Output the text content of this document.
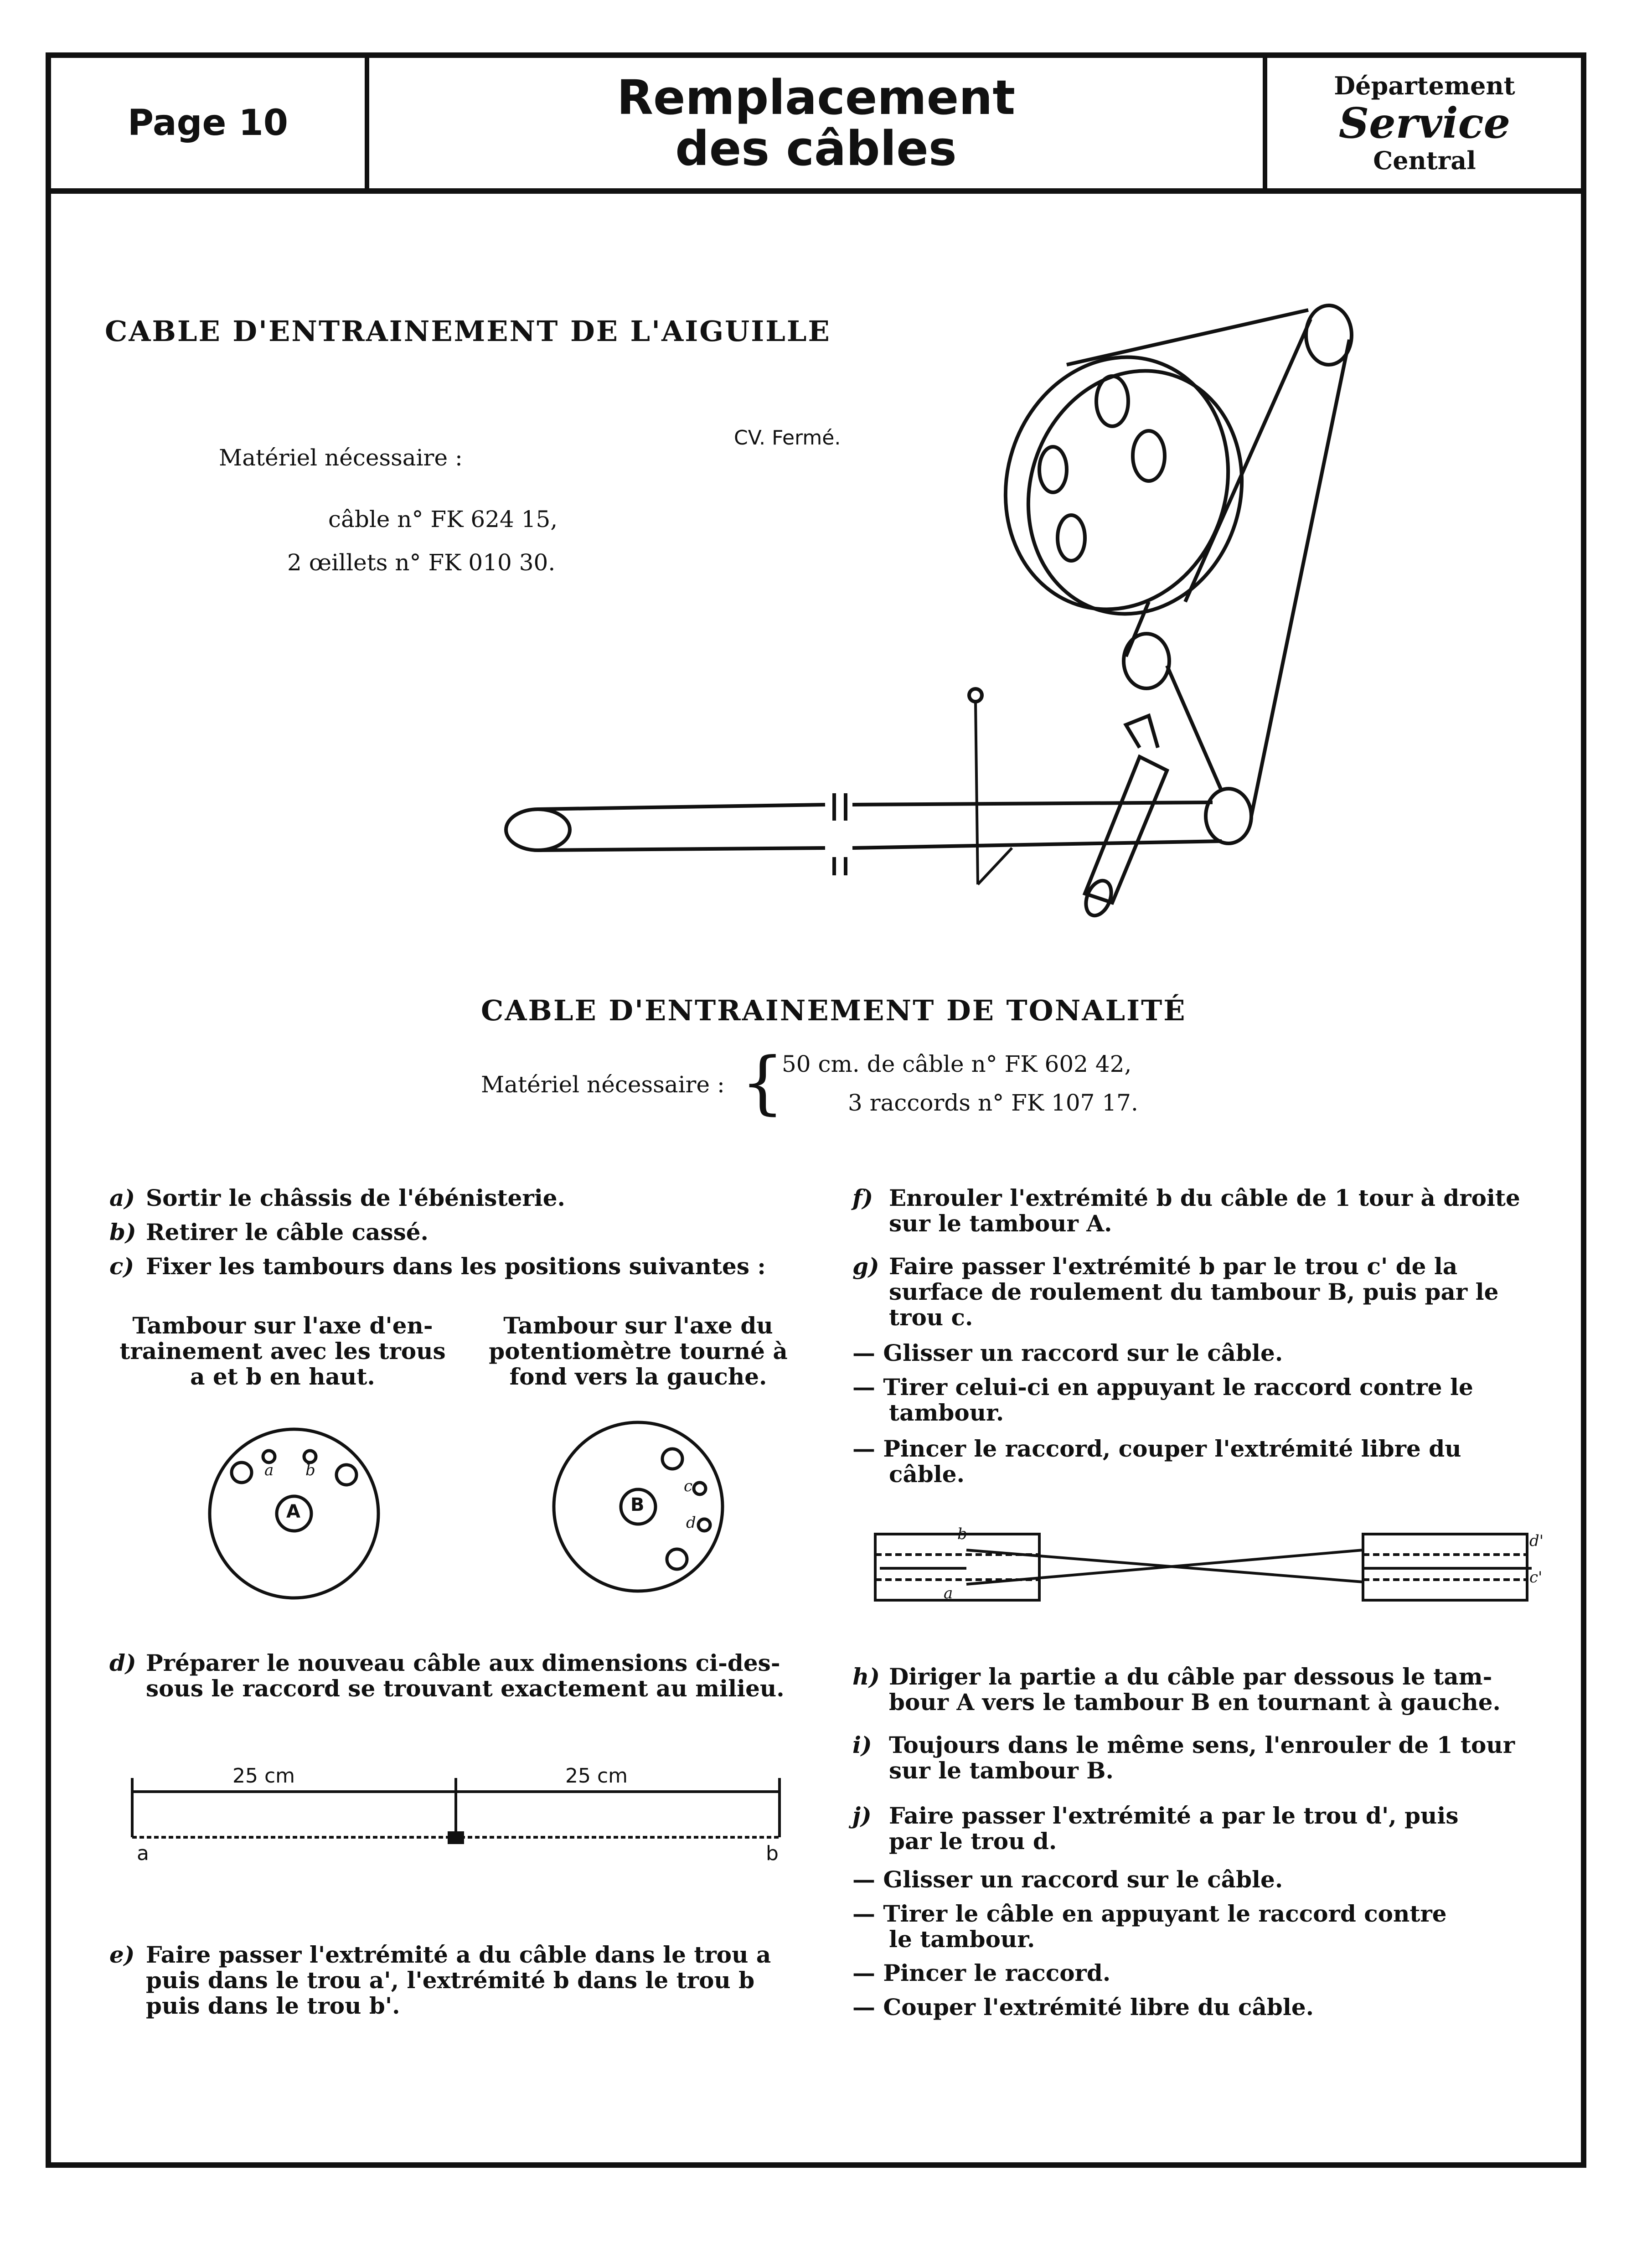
Page 10	Remplacement
des câbles
Département
Service
Central
CABLE D'ENTRAINEMENT DE L'AIGUILLE
Matériel nécessaire :
câble n° FK 624 15,
2 œillets n° FK 010 30.
CV. Fermé.
CABLE D'ENTRAINEMENT DE TONALITÉ
Matériel nécessaire : {
50 cm. de câble n° FK 602 42,
3 raccords n° FK 107 17.
a) Sortir le châssis de l'ébénisterie.
b) Retirer le câble cassé.
c) Fixer les tambours dans les positions suivantes :
Tambour sur l'axe d'en-
trainement avec les trous
a et b en haut.
Tambour sur l'axe du
potentiomètre tourné à
fond vers la gauche.
A	B
a b
c
d
d) Préparer le nouveau câble aux dimensions ci-des-
sous le raccord se trouvant exactement au milieu.
25 cm	25 cm
a	b
e) Faire passer l'extrémité a du câble dans le trou a
puis dans le trou a', l'extrémité b dans le trou b
puis dans le trou b'.
f) Enrouler l'extrémité b du câble de 1 tour à droite
sur le tambour A.
g) Faire passer l'extrémité b par le trou c' de la
surface de roulement du tambour B, puis par le
trou c.
— Glisser un raccord sur le câble.
— Tirer celui-ci en appuyant le raccord contre le
tambour.
— Pincer le raccord, couper l'extrémité libre du
câble.
b
a
d'
c'
h) Diriger la partie a du câble par dessous le tam-
bour A vers le tambour B en tournant à gauche.
i) Toujours dans le même sens, l'enrouler de 1 tour
sur le tambour B.
j) Faire passer l'extrémité a par le trou d', puis
par le trou d.
— Glisser un raccord sur le câble.
— Tirer le câble en appuyant le raccord contre
le tambour.
— Pincer le raccord.
— Couper l'extrémité libre du câble.
